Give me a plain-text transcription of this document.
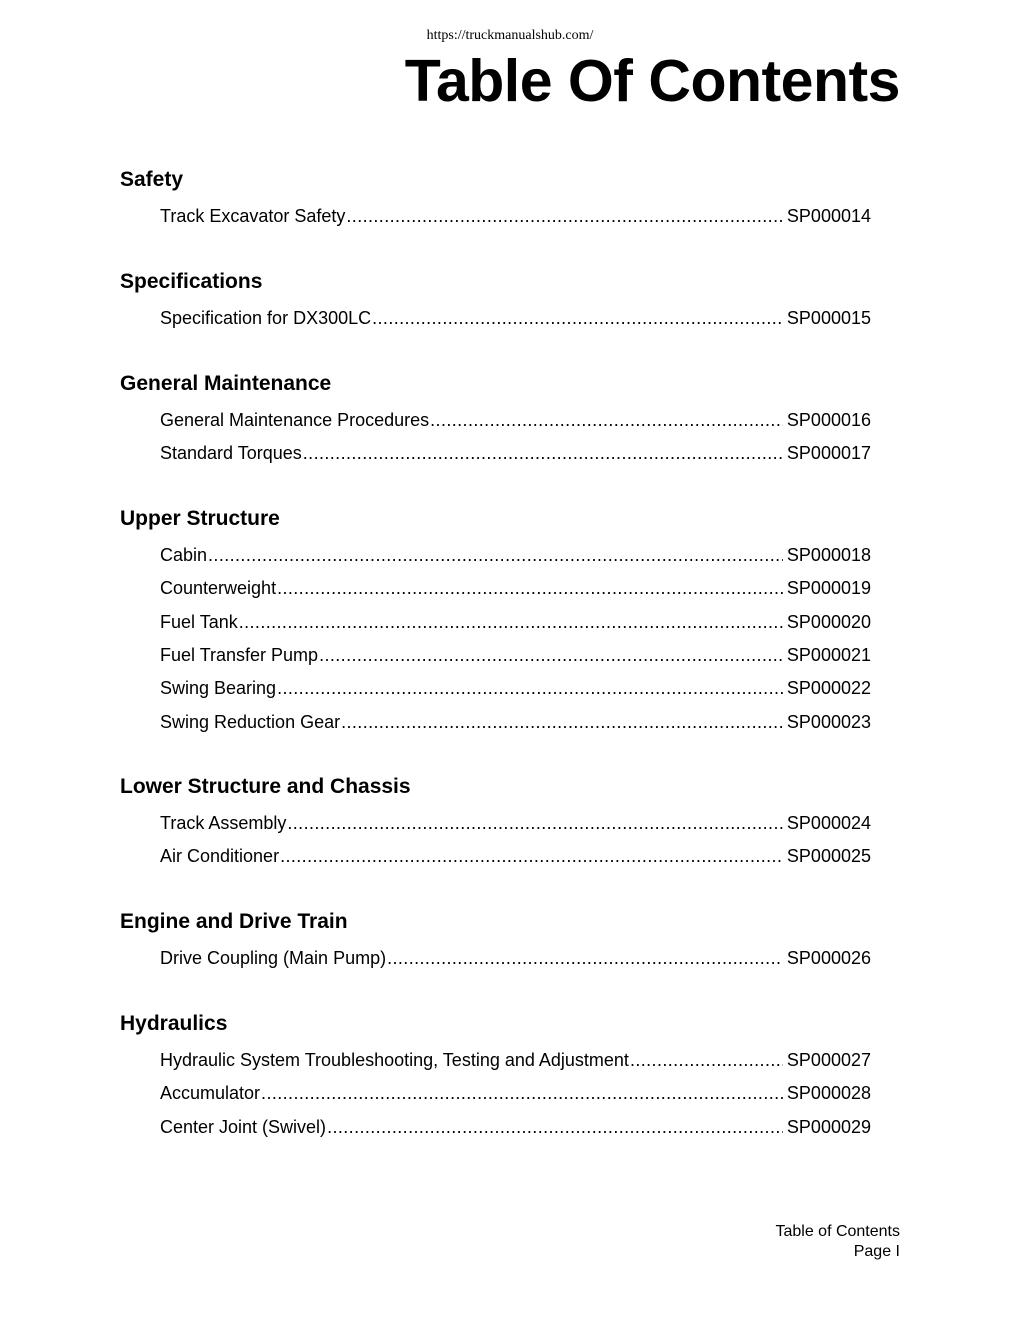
https://truckmanualshub.com/
Table Of Contents
Safety
Track Excavator Safety .....	SP000014
Specifications
Specification for DX300LC .....	SP000015
General Maintenance
General Maintenance Procedures .....	SP000016
Standard Torques .....	SP000017
Upper Structure
Cabin .....	SP000018
Counterweight .....	SP000019
Fuel Tank .....	SP000020
Fuel Transfer Pump .....	SP000021
Swing Bearing .....	SP000022
Swing Reduction Gear .....	SP000023
Lower Structure and Chassis
Track Assembly .....	SP000024
Air Conditioner .....	SP000025
Engine and Drive Train
Drive Coupling (Main Pump) .....	SP000026
Hydraulics
Hydraulic System Troubleshooting, Testing and Adjustment .....	SP000027
Accumulator .....	SP000028
Center Joint (Swivel) .....	SP000029
Table of Contents
Page I
